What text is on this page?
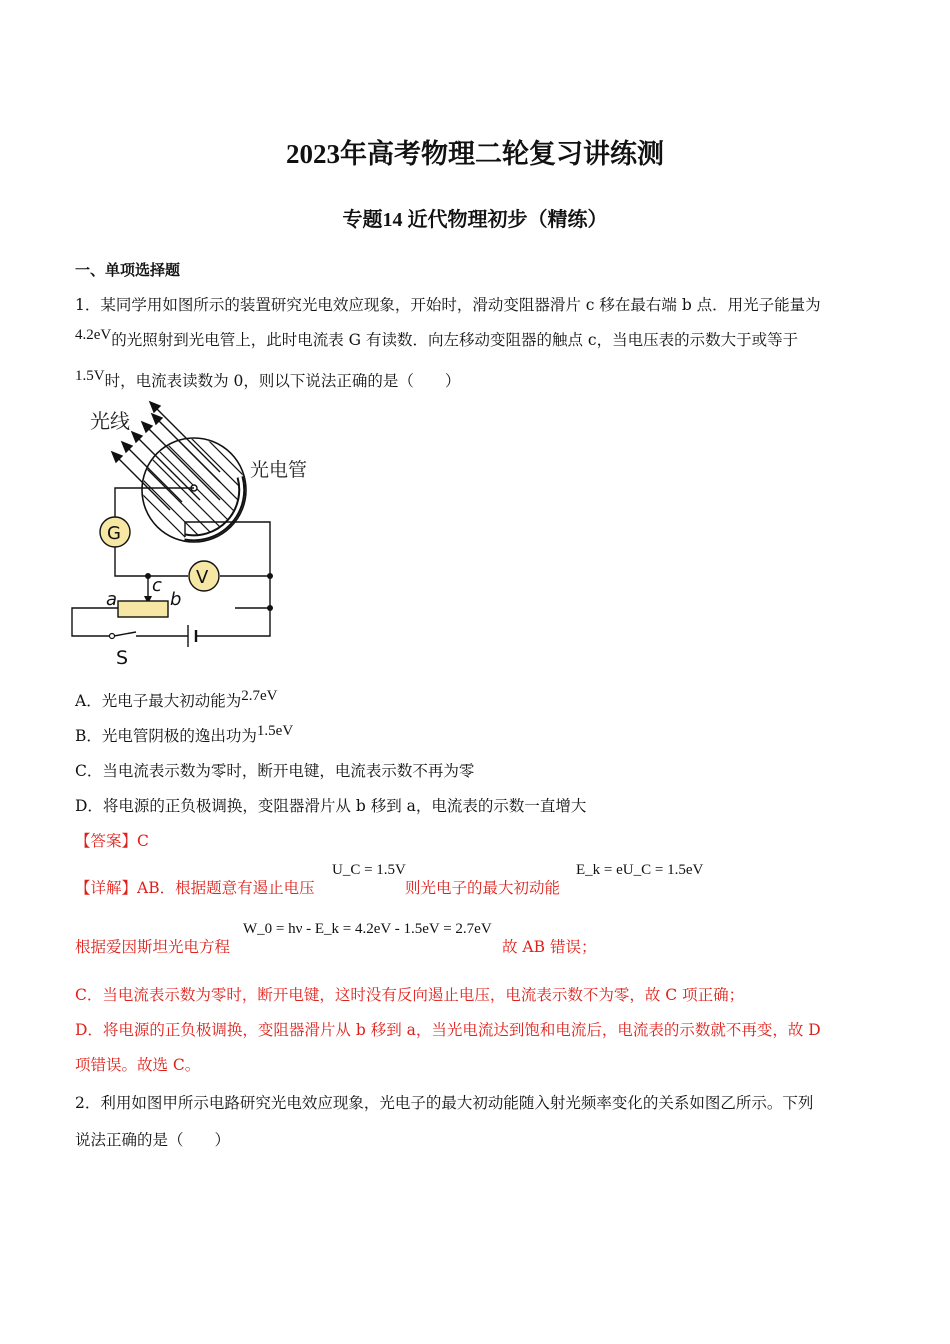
2023年高考物理二轮复习讲练测
专题14 近代物理初步（精练）
一、单项选择题
1．某同学用如图所示的装置研究光电效应现象，开始时，滑动变阻器滑片 c 移在最右端 b 点．用光子能量为
4.2eV的光照射到光电管上，此时电流表 G 有读数．向左移动变阻器的触点 c，当电压表的示数大于或等于
1.5V时，电流表读数为 0，则以下说法正确的是（　　）
光线
光电管
G
V
a	b
c
S
A．光电子最大初动能为2.7eV
B．光电管阴极的逸出功为1.5eV
C．当电流表示数为零时，断开电键，电流表示数不再为零
D．将电源的正负极调换，变阻器滑片从 b 移到 a，电流表的示数一直增大
【答案】C
【详解】AB．根据题意有遏止电压
U_C = 1.5V
则光电子的最大初动能
E_k = eU_C = 1.5eV
根据爱因斯坦光电方程
W_0 = hν - E_k = 4.2eV - 1.5eV = 2.7eV
故 AB 错误；
C．当电流表示数为零时，断开电键，这时没有反向遏止电压，电流表示数不为零，故 C 项正确；
D．将电源的正负极调换，变阻器滑片从 b 移到 a，当光电流达到饱和电流后，电流表的示数就不再变，故 D
项错误。故选 C。
2．利用如图甲所示电路研究光电效应现象，光电子的最大初动能随入射光频率变化的关系如图乙所示。下列
说法正确的是（　　）
